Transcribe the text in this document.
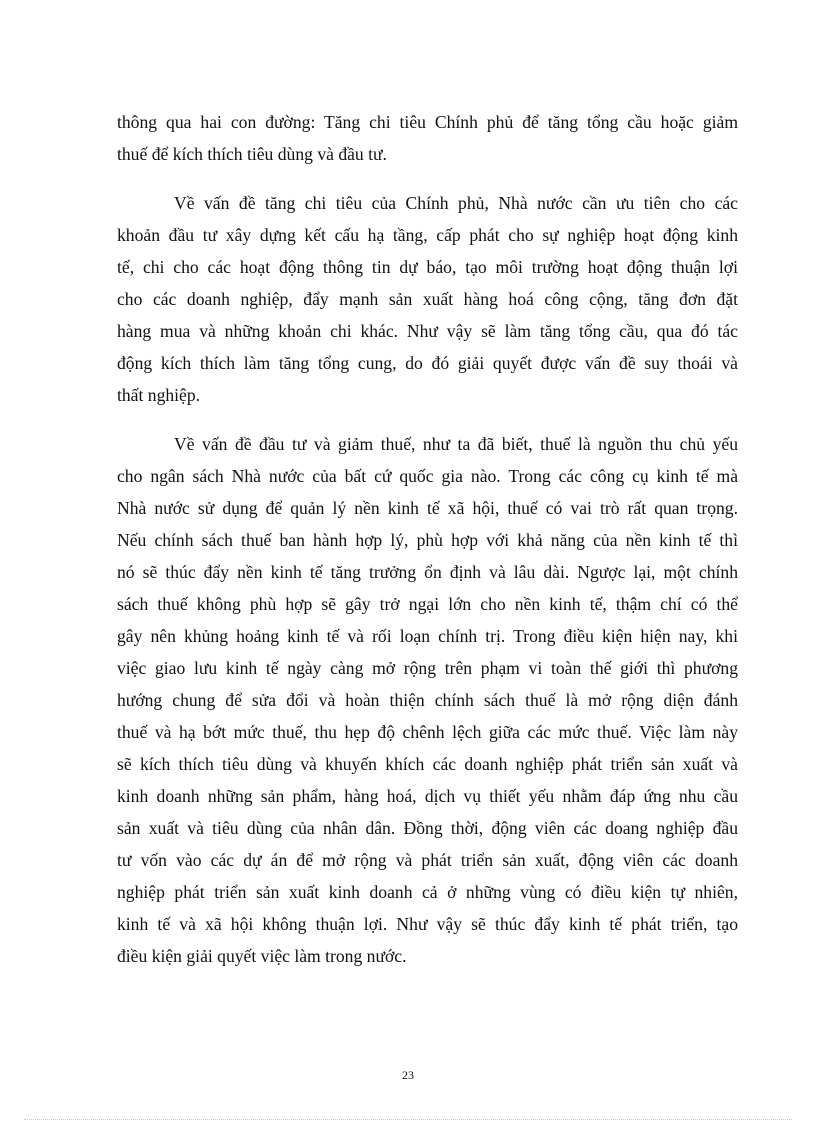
thông qua hai con đường: Tăng chi tiêu Chính phủ để tăng tổng cầu hoặc giảm
thuế để kích thích tiêu dùng và đầu tư.
Về vấn đề tăng chi tiêu của Chính phủ, Nhà nước cần ưu tiên cho các
khoản đầu tư xây dựng kết cấu hạ tầng, cấp phát cho sự nghiệp hoạt động kinh
tế, chi cho các hoạt động thông tin dự báo, tạo môi trường hoạt động thuận lợi
cho các doanh nghiệp, đẩy mạnh sản xuất hàng hoá công cộng, tăng đơn đặt
hàng mua và những khoản chi khác. Như vậy sẽ làm tăng tổng cầu, qua đó tác
động kích thích làm tăng tổng cung, do đó giải quyết được vấn đề suy thoái và
thất nghiệp.
Về vấn đề đầu tư và giảm thuế, như ta đã biết, thuế là nguồn thu chủ yếu
cho ngân sách Nhà nước của bất cứ quốc gia nào. Trong các công cụ kinh tế mà
Nhà nước sử dụng để quản lý nền kinh tế xã hội, thuế có vai trò rất quan trọng.
Nếu chính sách thuế ban hành hợp lý, phù hợp với khả năng của nền kinh tế thì
nó sẽ thúc đẩy nền kinh tế tăng trưởng ổn định và lâu dài. Ngược lại, một chính
sách thuế không phù hợp sẽ gây trở ngại lớn cho nền kinh tế, thậm chí có thể
gây nên khủng hoảng kinh tế và rối loạn chính trị. Trong điều kiện hiện nay, khi
việc giao lưu kinh tế ngày càng mở rộng trên phạm vi toàn thế giới thì phương
hướng chung để sửa đổi và hoàn thiện chính sách thuế là mở rộng diện đánh
thuế và hạ bớt mức thuế, thu hẹp độ chênh lệch giữa các mức thuế. Việc làm này
sẽ kích thích tiêu dùng và khuyến khích các doanh nghiệp phát triển sản xuất và
kinh doanh những sản phẩm, hàng hoá, dịch vụ thiết yếu nhằm đáp ứng nhu cầu
sản xuất và tiêu dùng của nhân dân. Đồng thời, động viên các doang nghiệp đầu
tư vốn vào các dự án để mở rộng và phát triển sản xuất, động viên các doanh
nghiệp phát triển sản xuất kinh doanh cả ở những vùng có điều kiện tự nhiên,
kinh tế và xã hội không thuận lợi. Như vậy sẽ thúc đẩy kinh tế phát triển, tạo
điều kiện giải quyết việc làm trong nước.
23
